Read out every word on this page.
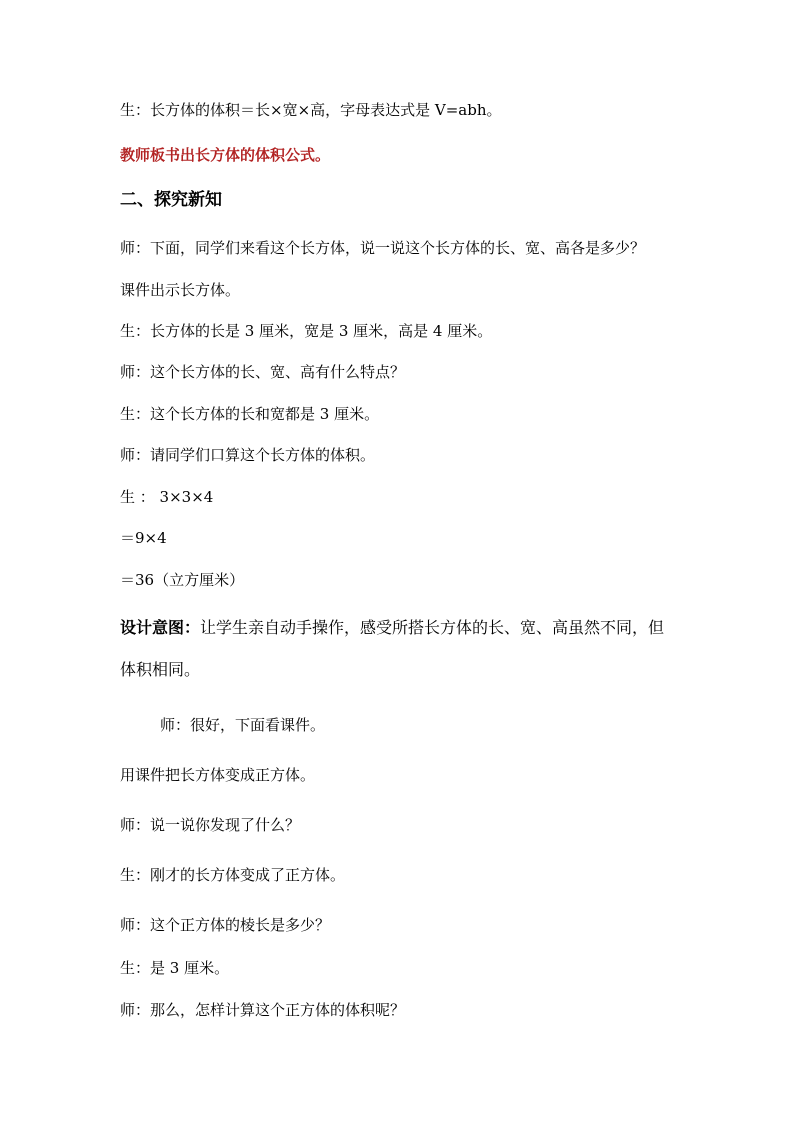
生：长方体的体积＝长×宽×高，字母表达式是 V=abh。
教师板书出长方体的体积公式。
二、探究新知
师：下面，同学们来看这个长方体，说一说这个长方体的长、宽、高各是多少？
课件出示长方体。
生：长方体的长是 3 厘米，宽是 3 厘米，高是 4 厘米。
师：这个长方体的长、宽、高有什么特点？
生：这个长方体的长和宽都是 3 厘米。
师：请同学们口算这个长方体的体积。
生 ： 3×3×4
＝9×4
＝36（立方厘米）
设计意图：让学生亲自动手操作，感受所搭长方体的长、宽、高虽然不同，但
体积相同。
师：很好，下面看课件。
用课件把长方体变成正方体。
师：说一说你发现了什么？
生：刚才的长方体变成了正方体。
师：这个正方体的棱长是多少？
生：是 3 厘米。
师：那么，怎样计算这个正方体的体积呢？
